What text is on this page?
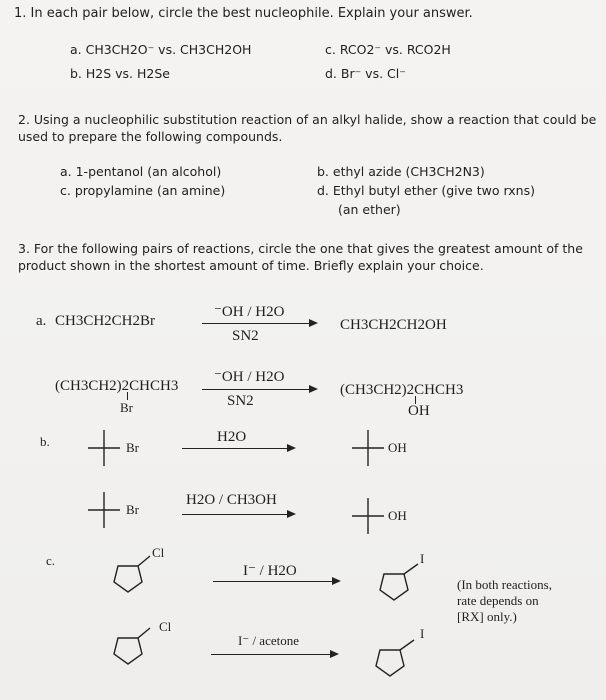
1. In each pair below, circle the best nucleophile. Explain your answer.
a. CH3CH2O⁻ vs. CH3CH2OH
b. H2S vs. H2Se
c. RCO2⁻ vs. RCO2H
d. Br⁻ vs. Cl⁻
2. Using a nucleophilic substitution reaction of an alkyl halide, show a reaction that could be
used to prepare the following compounds.
a. 1-pentanol (an alcohol)
c. propylamine (an amine)
b. ethyl azide (CH3CH2N3)
d. Ethyl butyl ether (give two rxns)
(an ether)
3. For the following pairs of reactions, circle the one that gives the greatest amount of the
product shown in the shortest amount of time. Briefly explain your choice.
a. CH3CH2CH2Br
⁻OH / H2O
SN2
CH3CH2CH2OH
(CH3CH2)2CHCH3
Br
⁻OH / H2O
SN2
(CH3CH2)2CHCH3
OH
b.	Br
H2O
OH
Br
H2O / CH3OH
OH
c.
Cl
I⁻ / H2O
I
Cl
I⁻ / acetone	I
(In both reactions,
rate depends on
[RX] only.)
